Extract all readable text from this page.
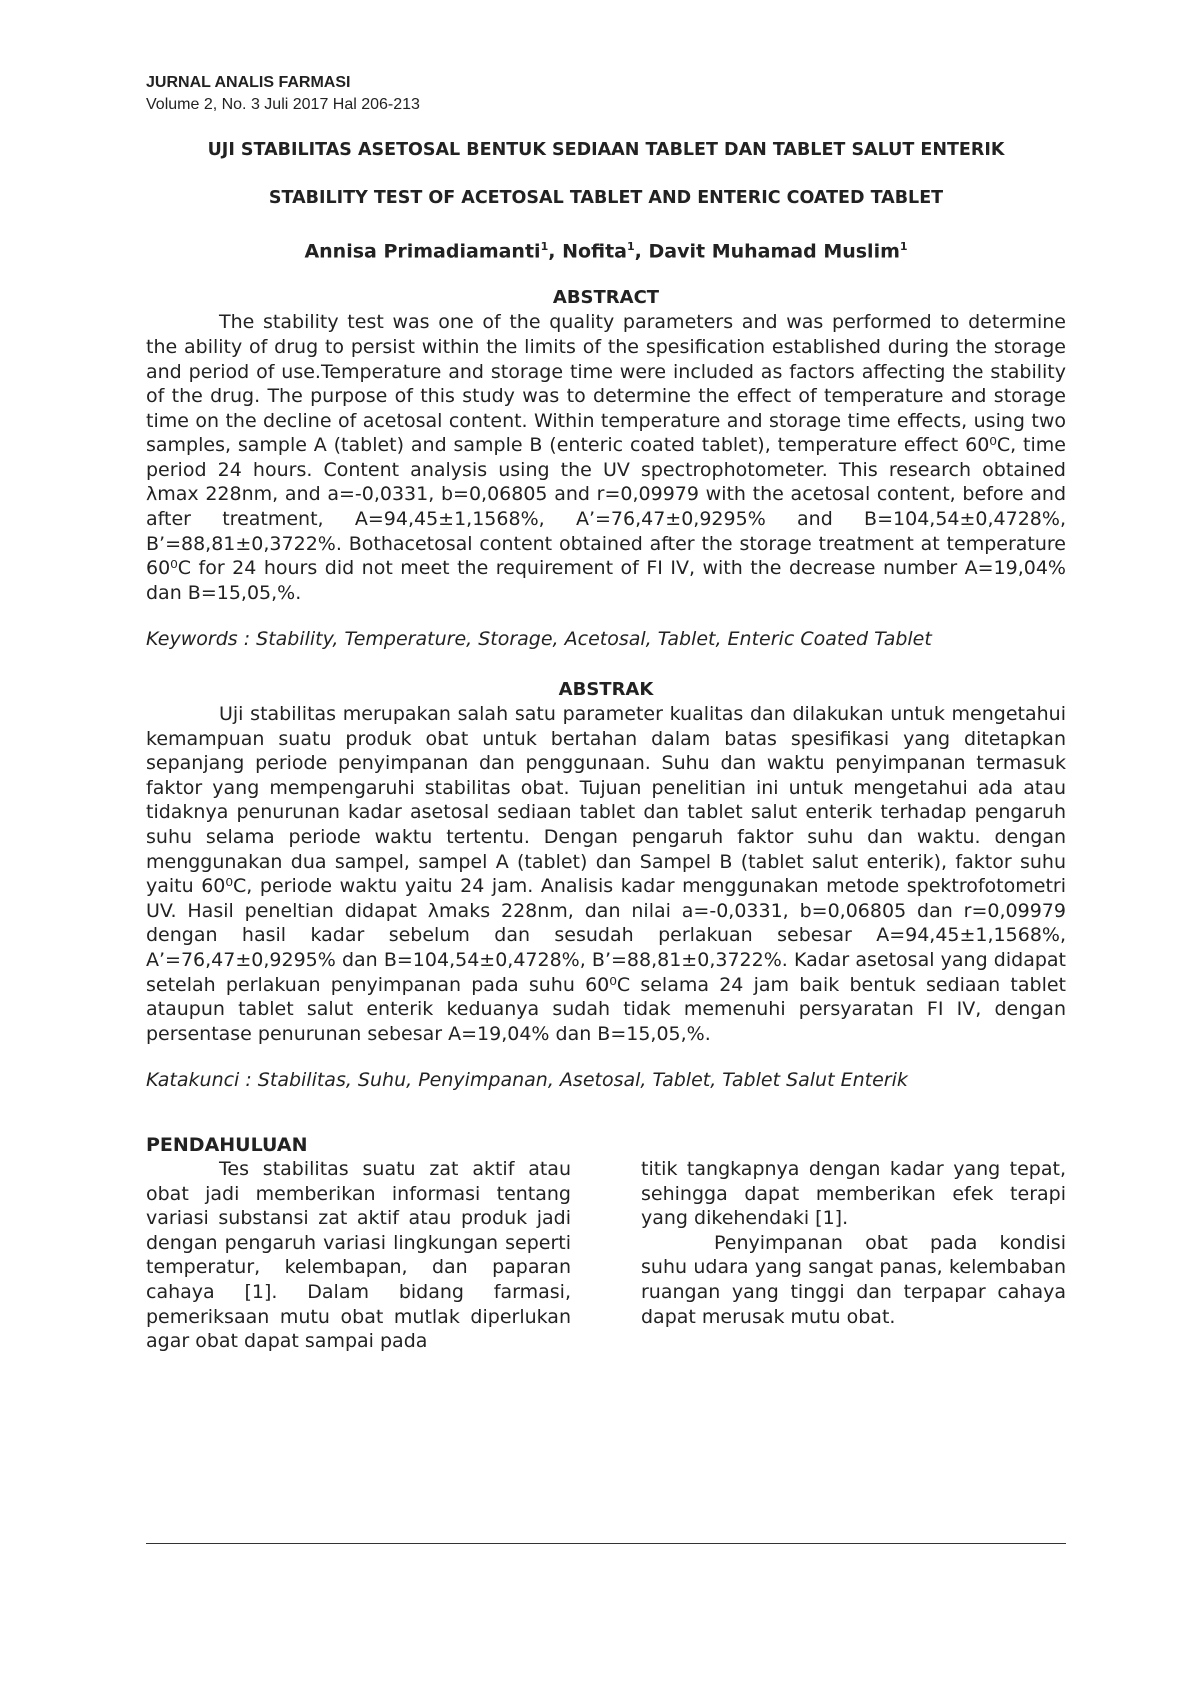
JURNAL ANALIS FARMASI
Volume 2, No. 3 Juli 2017 Hal 206-213
UJI STABILITAS ASETOSAL BENTUK SEDIAAN TABLET DAN TABLET SALUT ENTERIK
STABILITY TEST OF ACETOSAL TABLET AND ENTERIC COATED TABLET
Annisa Primadiamanti$^1$, Nofita$^1$, Davit Muhamad Muslim$^1$
ABSTRACT
The stability test was one of the quality parameters and was performed to determine the ability of drug to persist within the limits of the spesification established during the storage and period of use.Temperature and storage time were included as factors affecting the stability of the drug. The purpose of this study was to determine the effect of temperature and storage time on the decline of acetosal content. Within temperature and storage time effects, using two samples, sample A (tablet) and sample B (enteric coated tablet), temperature effect 60⁰C, time period 24 hours. Content analysis using the UV spectrophotometer. This research obtained λmax 228nm, and a=-0,0331, b=0,06805 and r=0,09979 with the acetosal content, before and after treatment, A=94,45±1,1568%, A’=76,47±0,9295% and B=104,54±0,4728%, B’=88,81±0,3722%. Bothacetosal content obtained after the storage treatment at temperature 60⁰C for 24 hours did not meet the requirement of FI IV, with the decrease number A=19,04% dan B=15,05,%.
Keywords : Stability, Temperature, Storage, Acetosal, Tablet, Enteric Coated Tablet
ABSTRAK
Uji stabilitas merupakan salah satu parameter kualitas dan dilakukan untuk mengetahui kemampuan suatu produk obat untuk bertahan dalam batas spesifikasi yang ditetapkan sepanjang periode penyimpanan dan penggunaan. Suhu dan waktu penyimpanan termasuk faktor yang mempengaruhi stabilitas obat. Tujuan penelitian ini untuk mengetahui ada atau tidaknya penurunan kadar asetosal sediaan tablet dan tablet salut enterik terhadap pengaruh suhu selama periode waktu tertentu. Dengan pengaruh faktor suhu dan waktu. dengan menggunakan dua sampel, sampel A (tablet) dan Sampel B (tablet salut enterik), faktor suhu yaitu 60⁰C, periode waktu yaitu 24 jam. Analisis kadar menggunakan metode spektrofotometri UV. Hasil peneltian didapat λmaks 228nm, dan nilai a=-0,0331, b=0,06805 dan r=0,09979 dengan hasil kadar sebelum dan sesudah perlakuan sebesar A=94,45±1,1568%, A’=76,47±0,9295% dan B=104,54±0,4728%, B’=88,81±0,3722%. Kadar asetosal yang didapat setelah perlakuan penyimpanan pada suhu 60⁰C selama 24 jam baik bentuk sediaan tablet ataupun tablet salut enterik keduanya sudah tidak memenuhi persyaratan FI IV, dengan persentase penurunan sebesar A=19,04% dan B=15,05,%.
Katakunci : Stabilitas, Suhu, Penyimpanan, Asetosal, Tablet, Tablet Salut Enterik
PENDAHULUAN
Tes stabilitas suatu zat aktif atau obat jadi memberikan informasi tentang variasi substansi zat aktif atau produk jadi dengan pengaruh variasi lingkungan seperti temperatur, kelembapan, dan paparan cahaya [1]. Dalam bidang farmasi, pemeriksaan mutu obat mutlak diperlukan agar obat dapat sampai pada
titik tangkapnya dengan kadar yang tepat, sehingga dapat memberikan efek terapi yang dikehendaki [1].
Penyimpanan obat pada kondisi suhu udara yang sangat panas, kelembaban ruangan yang tinggi dan terpapar cahaya dapat merusak mutu obat.
